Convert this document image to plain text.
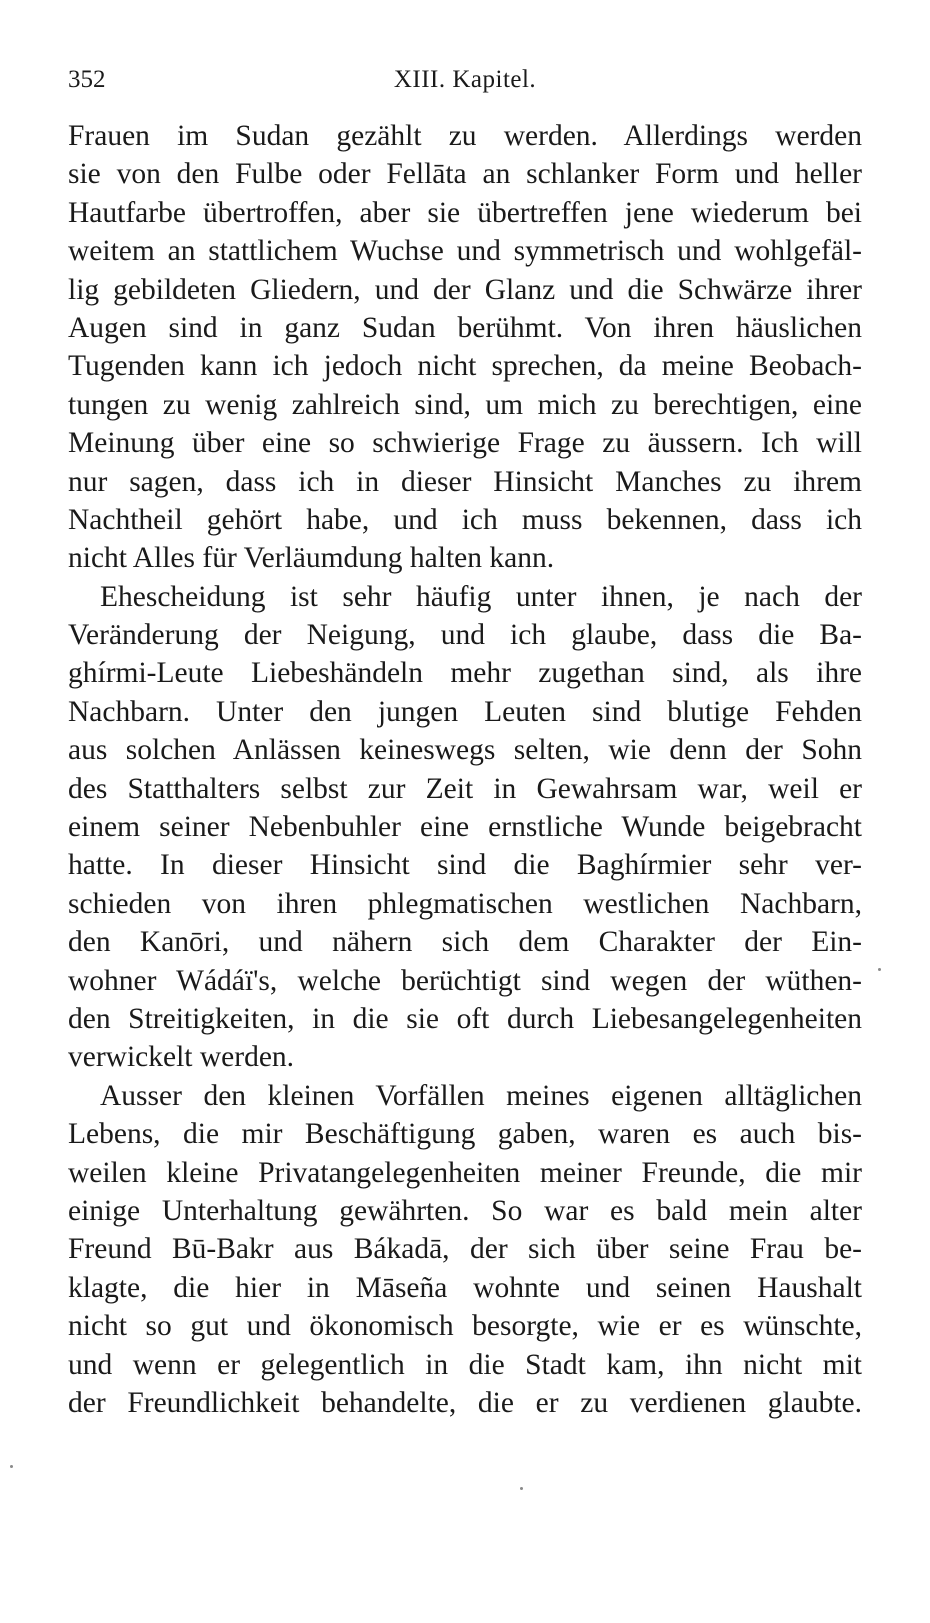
352	XIII. Kapitel.
Frauen im Sudan gezählt zu werden. Allerdings werden
sie von den Fulbe oder Fellāta an schlanker Form und heller
Hautfarbe übertroffen, aber sie übertreffen jene wiederum bei
weitem an stattlichem Wuchse und symmetrisch und wohlgefäl-
lig gebildeten Gliedern, und der Glanz und die Schwärze ihrer
Augen sind in ganz Sudan berühmt. Von ihren häuslichen
Tugenden kann ich jedoch nicht sprechen, da meine Beobach-
tungen zu wenig zahlreich sind, um mich zu berechtigen, eine
Meinung über eine so schwierige Frage zu äussern. Ich will
nur sagen, dass ich in dieser Hinsicht Manches zu ihrem
Nachtheil gehört habe, und ich muss bekennen, dass ich
nicht Alles für Verläumdung halten kann.
Ehescheidung ist sehr häufig unter ihnen, je nach der
Veränderung der Neigung, und ich glaube, dass die Ba-
ghírmi-Leute Liebeshändeln mehr zugethan sind, als ihre
Nachbarn. Unter den jungen Leuten sind blutige Fehden
aus solchen Anlässen keineswegs selten, wie denn der Sohn
des Statthalters selbst zur Zeit in Gewahrsam war, weil er
einem seiner Nebenbuhler eine ernstliche Wunde beigebracht
hatte. In dieser Hinsicht sind die Baghírmier sehr ver-
schieden von ihren phlegmatischen westlichen Nachbarn,
den Kanōri, und nähern sich dem Charakter der Ein-
wohner Wádáï's, welche berüchtigt sind wegen der wüthen-
den Streitigkeiten, in die sie oft durch Liebesangelegenheiten
verwickelt werden.
Ausser den kleinen Vorfällen meines eigenen alltäglichen
Lebens, die mir Beschäftigung gaben, waren es auch bis-
weilen kleine Privatangelegenheiten meiner Freunde, die mir
einige Unterhaltung gewährten. So war es bald mein alter
Freund Bū-Bakr aus Bákadā, der sich über seine Frau be-
klagte, die hier in Māseña wohnte und seinen Haushalt
nicht so gut und ökonomisch besorgte, wie er es wünschte,
und wenn er gelegentlich in die Stadt kam, ihn nicht mit
der Freundlichkeit behandelte, die er zu verdienen glaubte.
